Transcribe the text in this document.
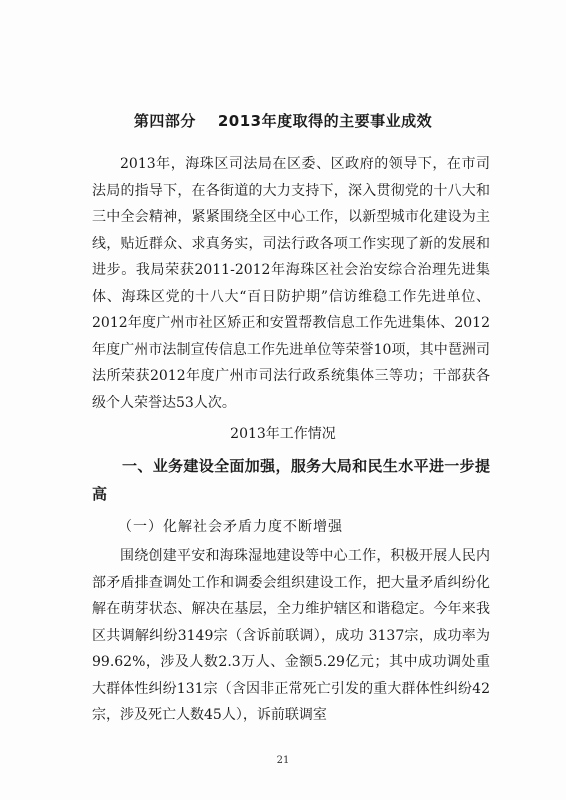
第四部分 2013年度取得的主要事业成效

2013年，海珠区司法局在区委、区政府的领导下，在市司法局的指导下，在各街道的大力支持下，深入贯彻党的十八大和三中全会精神，紧紧围绕全区中心工作，以新型城市化建设为主线，贴近群众、求真务实，司法行政各项工作实现了新的发展和进步。我局荣获2011-2012年海珠区社会治安综合治理先进集体、海珠区党的十八大“百日防护期”信访维稳工作先进单位、2012年度广州市社区矫正和安置帮教信息工作先进集体、2012年度广州市法制宣传信息工作先进单位等荣誉10项，其中琶洲司法所荣获2012年度广州市司法行政系统集体三等功；干部获各级个人荣誉达53人次。

2013年工作情况

一、业务建设全面加强，服务大局和民生水平进一步提高

（一）化解社会矛盾力度不断增强

围绕创建平安和海珠湿地建设等中心工作，积极开展人民内部矛盾排查调处工作和调委会组织建设工作，把大量矛盾纠纷化解在萌芽状态、解决在基层，全力维护辖区和谐稳定。今年来我区共调解纠纷3149宗（含诉前联调），成功 3137宗，成功率为99.62%，涉及人数2.3万人、金额5.29亿元；其中成功调处重大群体性纠纷131宗（含因非正常死亡引发的重大群体性纠纷42宗，涉及死亡人数45人），诉前联调室

21
